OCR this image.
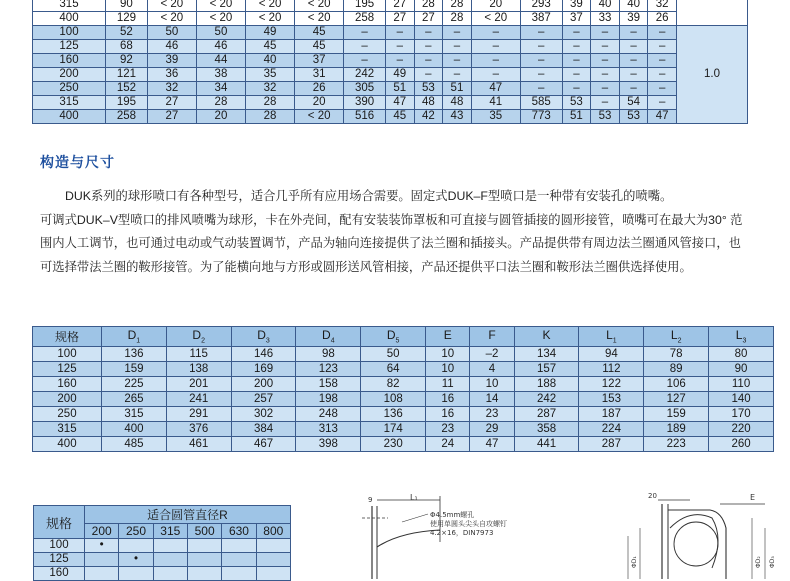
315	90	< 20	< 20	< 20	< 20	195	27	28	28	20	293	39	40	40	32	
400	129	< 20	< 20	< 20	< 20	258	27	27	28	< 20	387	37	33	39	26	
100	52	50	50	49	45	–	–	–	–	–	–	–	–	–	–	1.0
125	68	46	46	45	45	–	–	–	–	–	–	–	–	–	–	
160	92	39	44	40	37	–	–	–	–	–	–	–	–	–	–	
200	121	36	38	35	31	242	49	–	–	–	–	–	–	–	–	
250	152	32	34	32	26	305	51	53	51	47	–	–	–	–	–	
315	195	27	28	28	20	390	47	48	48	41	585	53	–	54	–	
400	258	27	20	28	< 20	516	45	42	43	35	773	51	53	53	47	
构造与尺寸

DUK系列的球形喷口有各种型号，适合几乎所有应用场合需要。固定式DUK–F型喷口是一种带有安装孔的喷嘴。

可调式DUK–V型喷口的排风喷嘴为球形，卡在外壳间，配有安装装饰罩板和可直接与圆管插接的圆形接管，喷嘴可在最大为30° 范围内人工调节，也可通过电动或气动装置调节，产品为轴向连接提供了法兰圈和插接头。产品提供带有周边法兰圈通风管接口，也可选择带法兰圈的鞍形接管。为了能横向地与方形或圆形送风管相接，产品还提供平口法兰圈和鞍形法兰圈供选择使用。

规格	$D_1$	$D_2$	$D_3$	$D_4$	$D_5$	E	F	K	$L_1$	$L_2$	$L_3$
100	136	115	146	98	50	10	–2	134	94	78	80
125	159	138	169	123	64	10	4	157	112	89	90
160	225	201	200	158	82	11	10	188	122	106	110
200	265	241	257	198	108	16	14	242	153	127	140
250	315	291	302	248	136	16	23	287	187	159	170
315	400	376	384	313	174	23	29	358	224	189	220
400	485	461	467	398	230	24	47	441	287	223	260
规格	适合圆管直径R					
	200	250	315	500	630	800
100	•					
125		•				
160						
L₁
9
Φ4.5mm螺孔
使用单圆头尖头自攻螺钉
4.2×16，DIN7973
20	E
ΦD₁	ΦD₂ ΦD₃
